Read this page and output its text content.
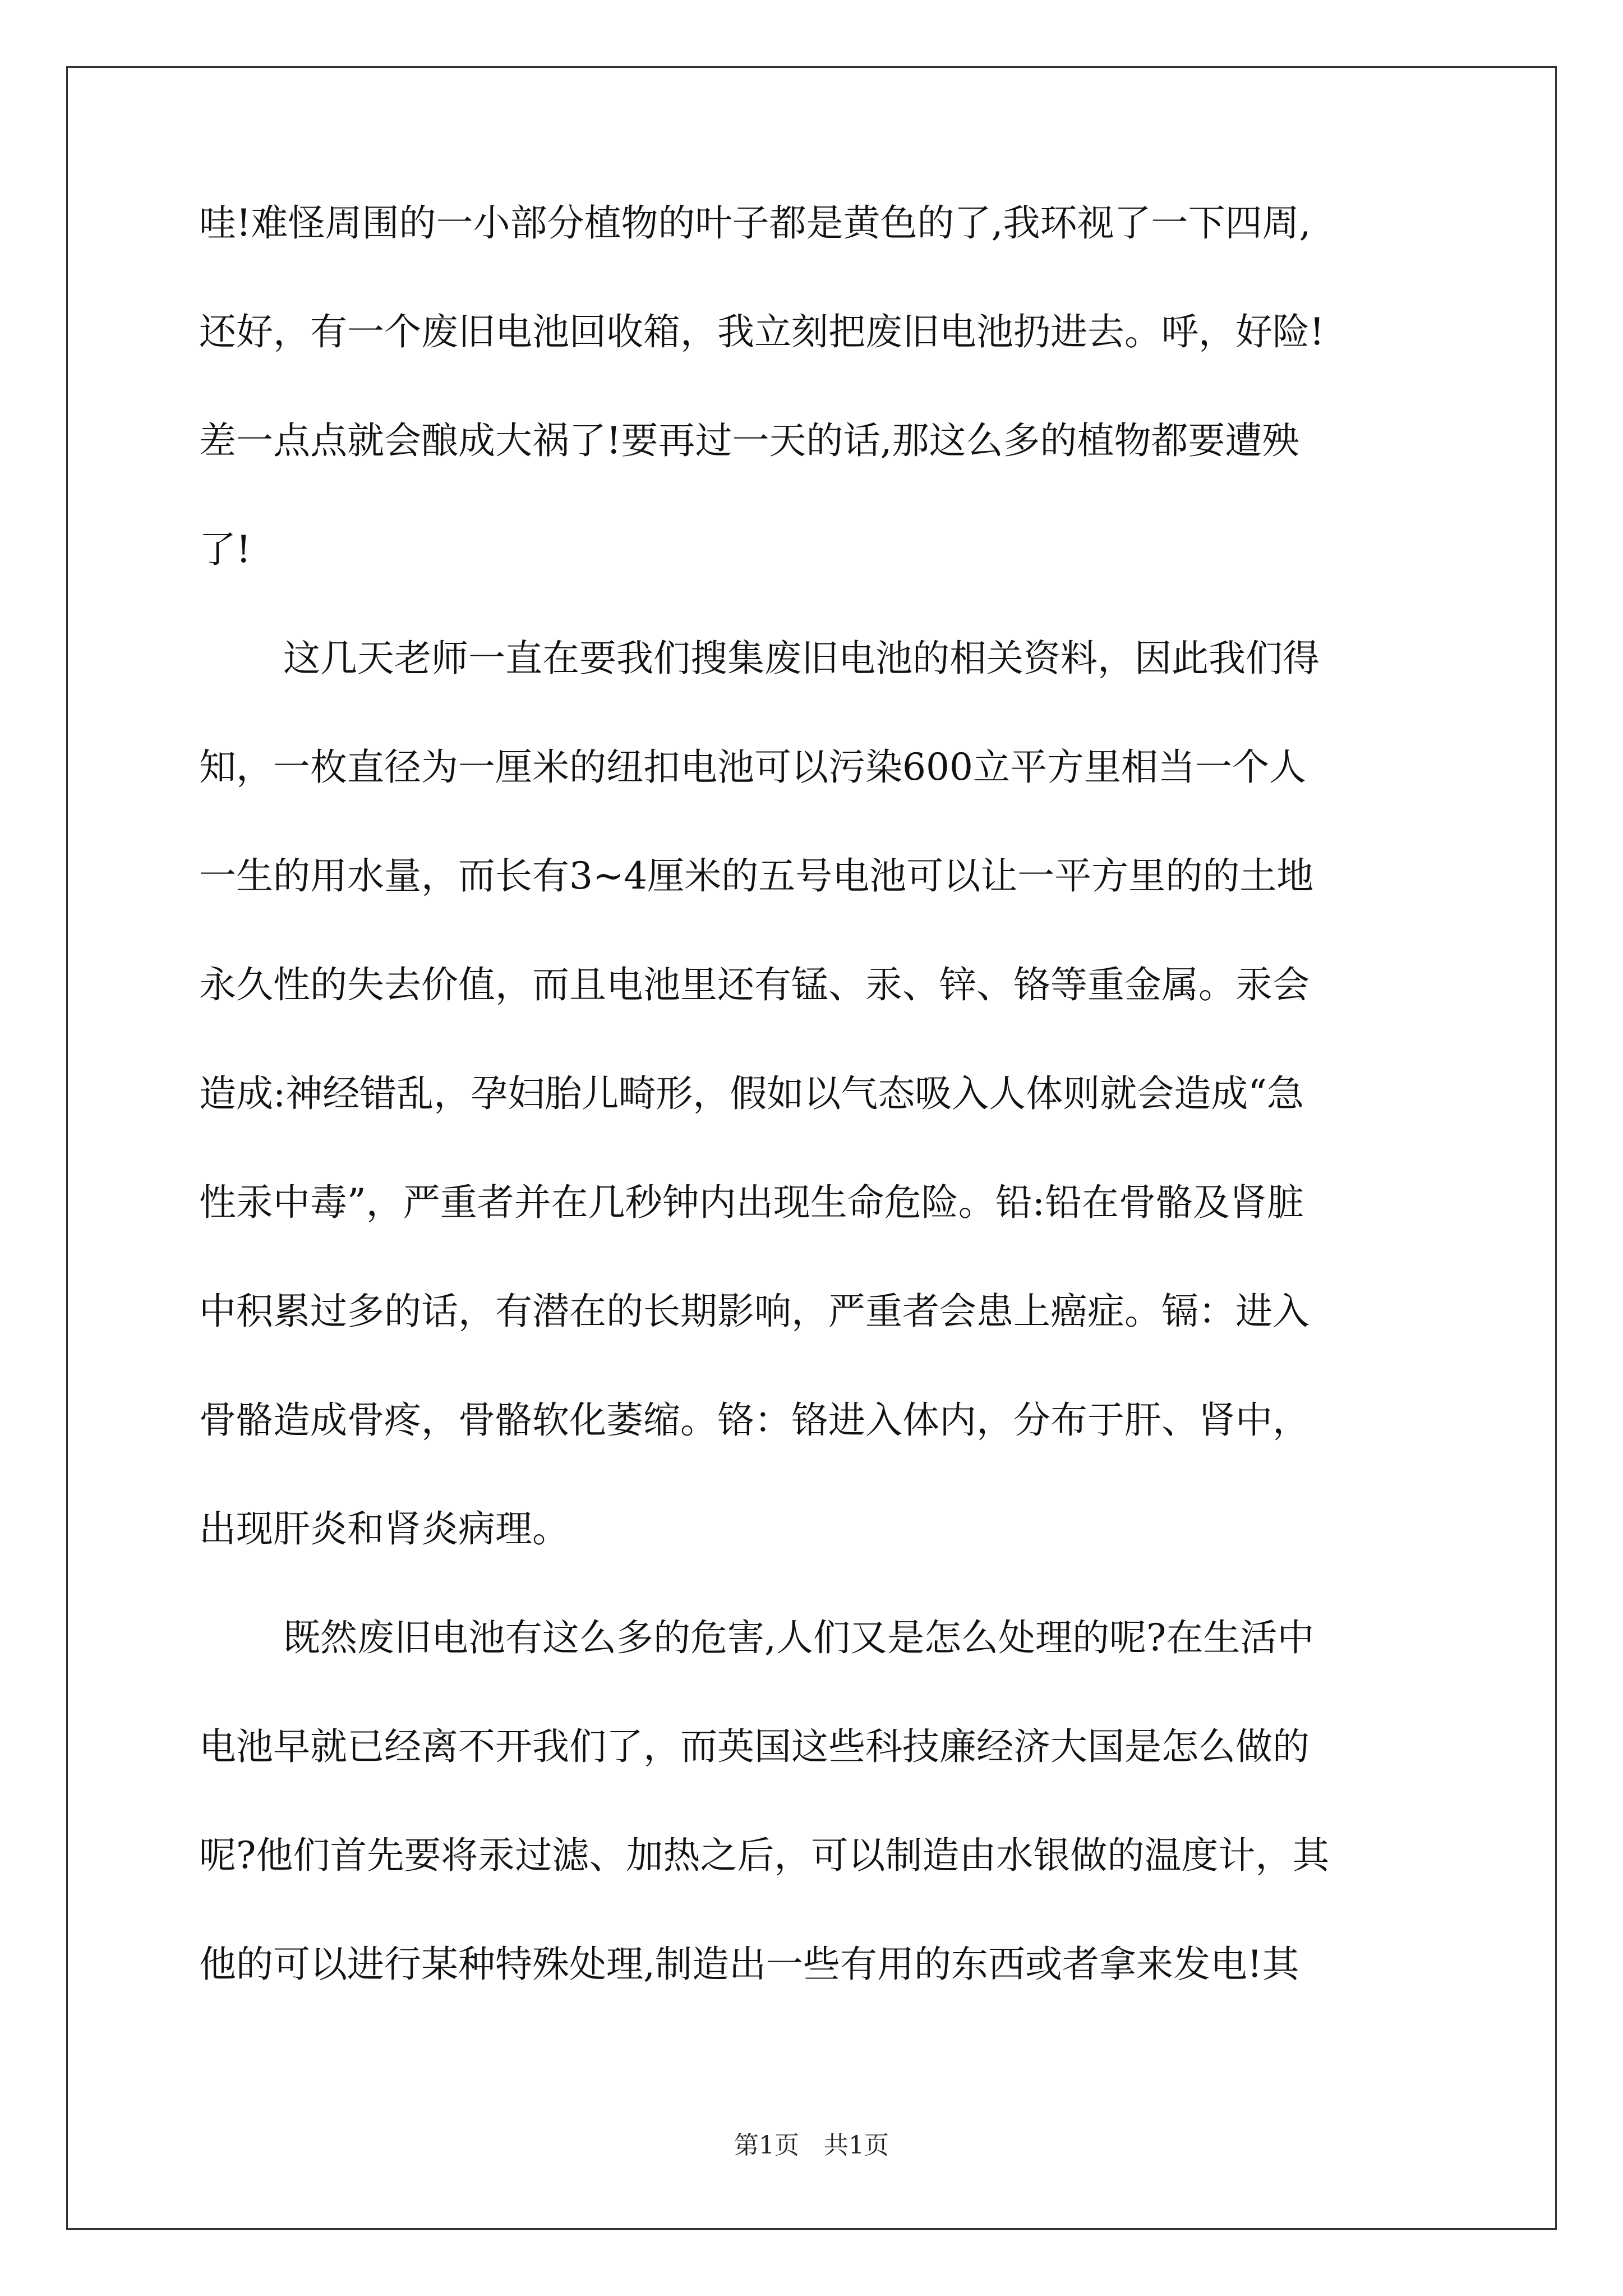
哇!难怪周围的一小部分植物的叶子都是黄色的了,我环视了一下四周,
还好，有一个废旧电池回收箱，我立刻把废旧电池扔进去。呼，好险!
差一点点就会酿成大祸了!要再过一天的话,那这么多的植物都要遭殃
了!
这几天老师一直在要我们搜集废旧电池的相关资料，因此我们得
知，一枚直径为一厘米的纽扣电池可以污染600立平方里相当一个人
一生的用水量，而长有3~4厘米的五号电池可以让一平方里的的土地
永久性的失去价值，而且电池里还有锰、汞、锌、铬等重金属。汞会
造成:神经错乱，孕妇胎儿畸形，假如以气态吸入人体则就会造成“急
性汞中毒”，严重者并在几秒钟内出现生命危险。铅:铅在骨骼及肾脏
中积累过多的话，有潜在的长期影响，严重者会患上癌症。镉：进入
骨骼造成骨疼，骨骼软化萎缩。铬：铬进入体内，分布于肝、肾中，
出现肝炎和肾炎病理。
既然废旧电池有这么多的危害,人们又是怎么处理的呢?在生活中
电池早就已经离不开我们了，而英国这些科技廉经济大国是怎么做的
呢?他们首先要将汞过滤、加热之后，可以制造由水银做的温度计，其
他的可以进行某种特殊处理,制造出一些有用的东西或者拿来发电!其
第1页　共1页
